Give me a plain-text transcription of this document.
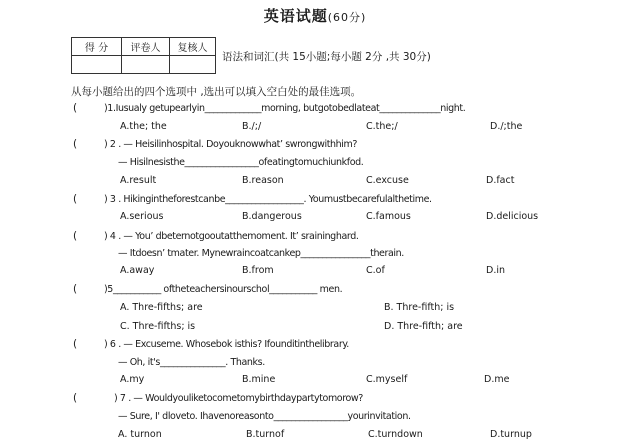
英语试题(60分)
得 分	评卷人	复核人

语法和词汇(共 15小题;每小题 2分 ,共 30分)
从每小题给出的四个选项中 ,选出可以填入空白处的最佳选项。
(	)1.Iusualy getupearlyin_____________morning, butgotobedlateat______________night.
A.the; the	B./;/	C.the;/	D./;the
(	) 2 . — Heisilinhospital. Doyouknowwhat’ swrongwithhim?
— Hisilnesisthe_________________ofeatingtomuchiunkfod.
A.result	B.reason	C.excuse	D.fact
(	) 3 . Hikingintheforestcanbe__________________. Youmustbecarefulalthetime.
A.serious	B.dangerous	C.famous	D.delicious
(	) 4 . — You’ dbeternotgooutatthemoment. It’ sraininghard.
— Itdoesn’ tmater. Mynewraincoatcankep________________therain.
A.away	B.from	C.of	D.in
(	)5___________ oftheteachersinourschol___________ men.
A. Thre-fifths; are	B. Thre-fifth; is
C. Thre-fifths; is	D. Thre-fifth; are
(	) 6 . — Excuseme. Whosebok isthis? Ifounditinthelibrary.
— Oh, it's_______________. Thanks.
A.my	B.mine	C.myself	D.me
(	) 7 . — Wouldyouliketocometomybirthdaypartytomorow?
— Sure, I' dloveto. Ihavenoreasonto_________________yourinvitation.
A. turnon	B.turnof	C.turndown	D.turnup
